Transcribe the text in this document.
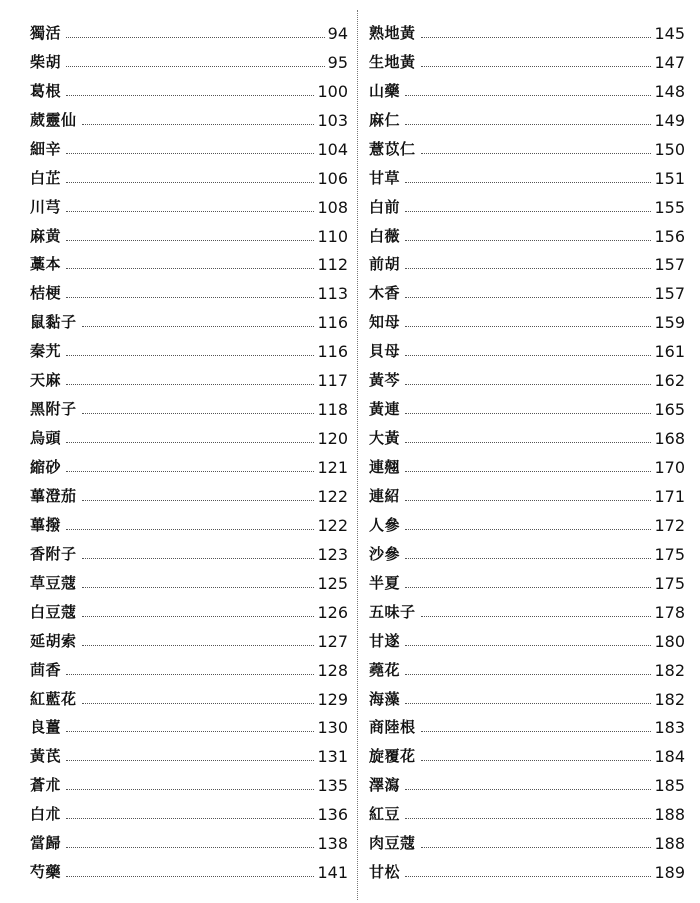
獨活	94
柴胡	95
葛根	100
葳靈仙	103
細辛	104
白芷	106
川芎	108
麻黄	110
藁本	112
桔梗	113
鼠黏子	116
秦艽	116
天麻	117
黑附子	118
烏頭	120
縮砂	121
蓽澄茄	122
蓽撥	122
香附子	123
草豆蔻	125
白豆蔻	126
延胡索	127
茴香	128
紅藍花	129
良薑	130
黃芪	131
蒼朮	135
白朮	136
當歸	138
芍藥	141
熟地黃	145
生地黃	147
山藥	148
麻仁	149
薏苡仁	150
甘草	151
白前	155
白薇	156
前胡	157
木香	157
知母	159
貝母	161
黃芩	162
黃連	165
大黃	168
連翹	170
連紹	171
人參	172
沙參	175
半夏	175
五味子	178
甘遂	180
蕘花	182
海藻	182
商陸根	183
旋覆花	184
澤瀉	185
紅豆	188
肉豆蔻	188
甘松	189
